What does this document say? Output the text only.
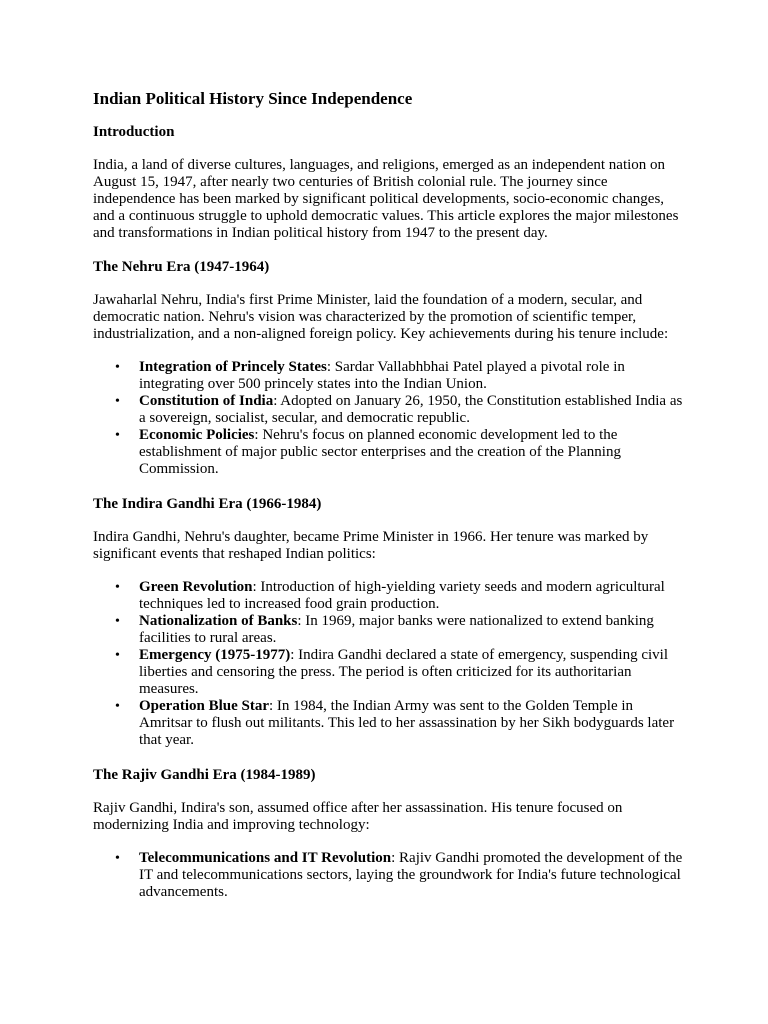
Indian Political History Since Independence
Introduction

India, a land of diverse cultures, languages, and religions, emerged as an independent nation on August 15, 1947, after nearly two centuries of British colonial rule. The journey since independence has been marked by significant political developments, socio-economic changes, and a continuous struggle to uphold democratic values. This article explores the major milestones and transformations in Indian political history from 1947 to the present day.

The Nehru Era (1947-1964)

Jawaharlal Nehru, India's first Prime Minister, laid the foundation of a modern, secular, and democratic nation. Nehru's vision was characterized by the promotion of scientific temper, industrialization, and a non-aligned foreign policy. Key achievements during his tenure include:

• Integration of Princely States: Sardar Vallabhbhai Patel played a pivotal role in integrating over 500 princely states into the Indian Union.
• Constitution of India: Adopted on January 26, 1950, the Constitution established India as a sovereign, socialist, secular, and democratic republic.
• Economic Policies: Nehru's focus on planned economic development led to the establishment of major public sector enterprises and the creation of the Planning Commission.
The Indira Gandhi Era (1966-1984)

Indira Gandhi, Nehru's daughter, became Prime Minister in 1966. Her tenure was marked by significant events that reshaped Indian politics:

• Green Revolution: Introduction of high-yielding variety seeds and modern agricultural techniques led to increased food grain production.
• Nationalization of Banks: In 1969, major banks were nationalized to extend banking facilities to rural areas.
• Emergency (1975-1977): Indira Gandhi declared a state of emergency, suspending civil liberties and censoring the press. The period is often criticized for its authoritarian measures.
• Operation Blue Star: In 1984, the Indian Army was sent to the Golden Temple in Amritsar to flush out militants. This led to her assassination by her Sikh bodyguards later that year.
The Rajiv Gandhi Era (1984-1989)

Rajiv Gandhi, Indira's son, assumed office after her assassination. His tenure focused on modernizing India and improving technology:

• Telecommunications and IT Revolution: Rajiv Gandhi promoted the development of the IT and telecommunications sectors, laying the groundwork for India's future technological advancements.
